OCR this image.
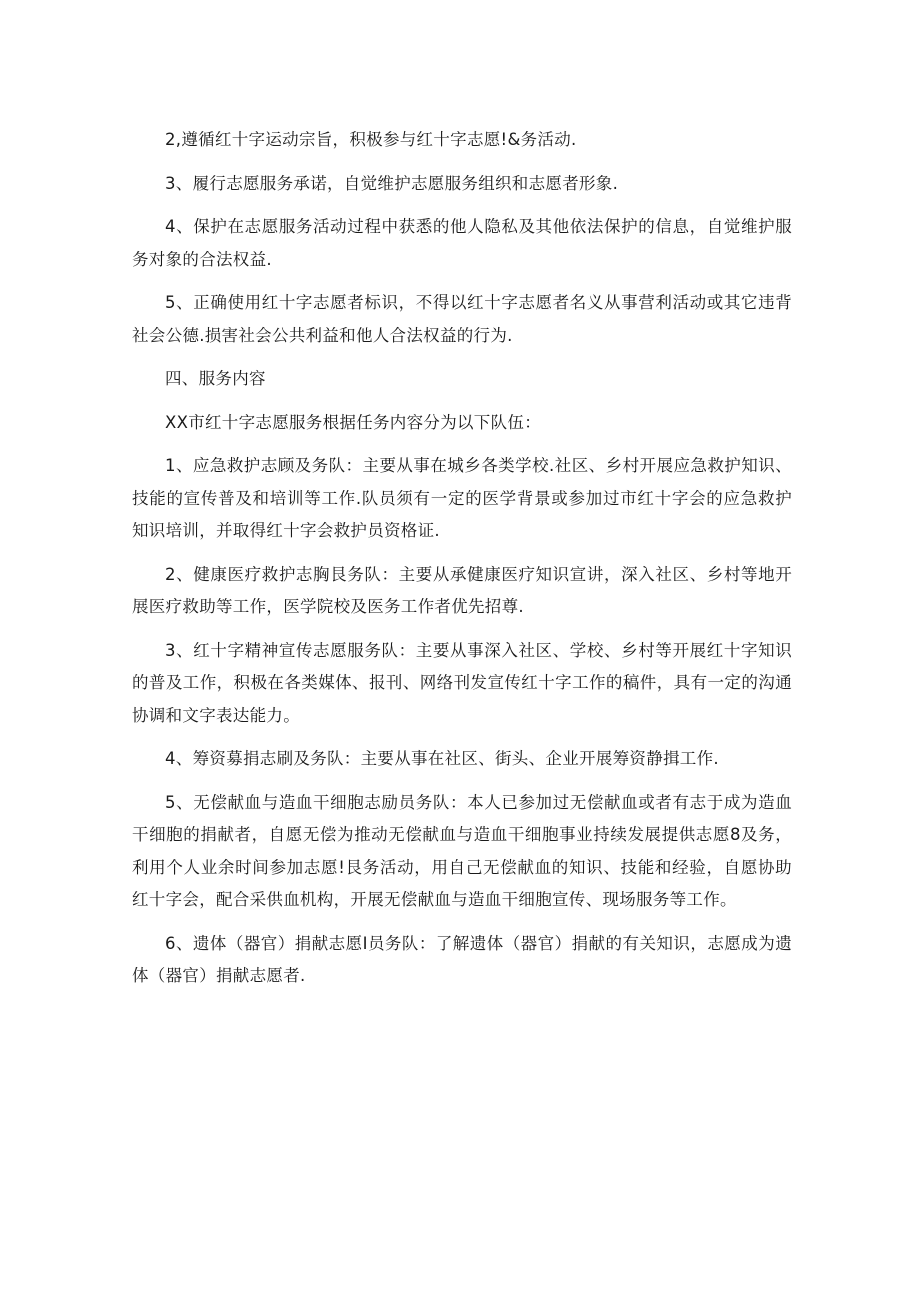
2,遵循红十字运动宗旨，积极参与红十字志愿!&务活动.

3、履行志愿服务承诺，自觉维护志愿服务组织和志愿者形象.

4、保护在志愿服务活动过程中获悉的他人隐私及其他依法保护的信息，自觉维护服务对象的合法权益.

5、正确使用红十字志愿者标识，不得以红十字志愿者名义从事营利活动或其它违背社会公德.损害社会公共利益和他人合法权益的行为.

四、服务内容

XX市红十字志愿服务根据任务内容分为以下队伍：

1、应急救护志顾及务队：主要从事在城乡各类学校.社区、乡村开展应急救护知识、技能的宣传普及和培训等工作.队员须有一定的医学背景或参加过市红十字会的应急救护知识培训，并取得红十字会救护员资格证.

2、健康医疗救护志胸艮务队：主要从承健康医疗知识宣讲，深入社区、乡村等地开展医疗救助等工作，医学院校及医务工作者优先招尊.

3、红十字精神宣传志愿服务队：主要从事深入社区、学校、乡村等开展红十字知识的普及工作，积极在各类媒体、报刊、网络刊发宣传红十字工作的稿件，具有一定的沟通协调和文字表达能力。

4、筹资募捐志刷及务队：主要从事在社区、街头、企业开展筹资静揖工作.

5、无偿献血与造血干细胞志励员务队：本人已参加过无偿献血或者有志于成为造血干细胞的捐献者，自愿无偿为推动无偿献血与造血干细胞事业持续发展提供志愿8及务，利用个人业余时间参加志愿!艮务活动，用自己无偿献血的知识、技能和经验，自愿协助红十字会，配合采供血机构，开展无偿献血与造血干细胞宣传、现场服务等工作。

6、遗体（器官）捐献志愿I员务队：了解遗体（器官）捐献的有关知识，志愿成为遗体（器官）捐献志愿者.
